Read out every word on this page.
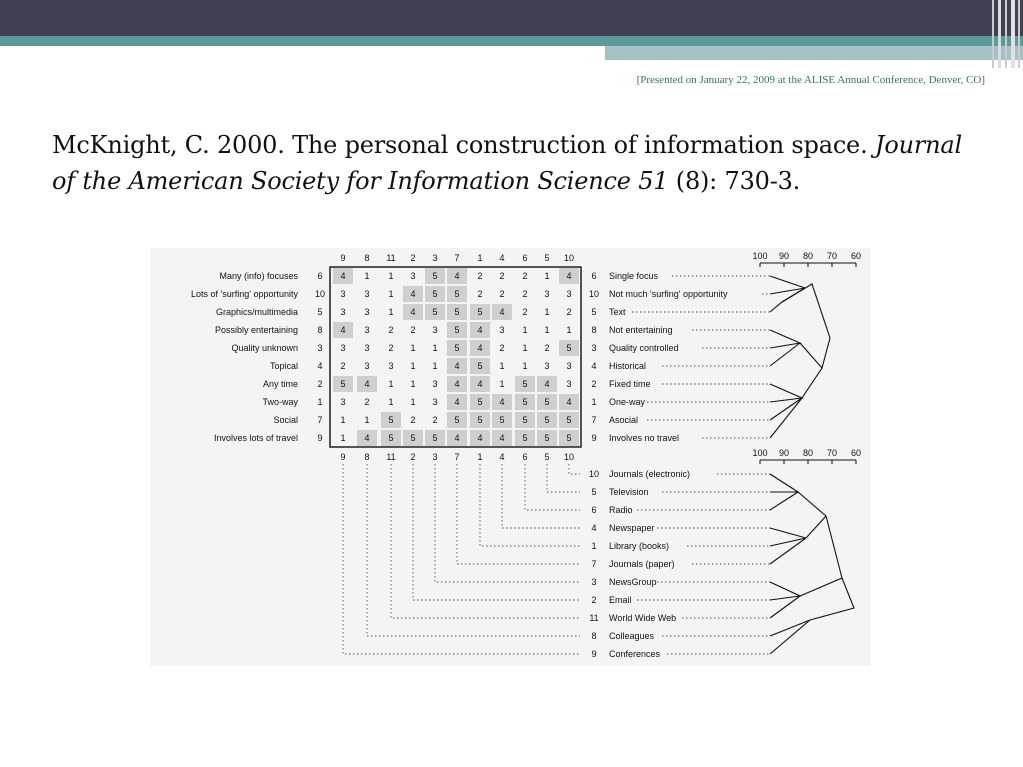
[Presented on January 22, 2009 at the ALISE Annual Conference, Denver, CO]
McKnight, C. 2000. The personal construction of information space. Journal of the American Society for Information Science 51 (8): 730-3.
9 8 11 2 3 7 1 4 6 5 10
9 8 11 2 3 7 1 4 6 5 10
Many (info) focuses 6 4 1 1 3 5 4 2 2 2 1 4 6 Single focus
Lots of 'surfing' opportunity 10 3 3 1 4 5 5 2 2 2 3 3 10 Not much 'surfing' opportunity
Graphics/multimedia 5 3 3 1 4 5 5 5 4 2 1 2 5 Text
Possibly entertaining 8 4 3 2 2 3 5 4 3 1 1 1 8 Not entertaining
Quality unknown 3 3 3 2 1 1 5 4 2 1 2 5 3 Quality controlled
Topical 4 2 3 3 1 1 4 5 1 1 3 3 4 Historical
Any time 2 5 4 1 1 3 4 4 1 5 4 3 2 Fixed time
Two-way 1 3 2 1 1 3 4 5 4 5 5 4 1 One-way
Social 7 1 1 5 2 2 5 5 5 5 5 5 7 Asocial
Involves lots of travel 9 1 4 5 5 5 4 4 4 5 5 5 9 Involves no travel
100 90 80 70 60
100 90 80 70 60
10 Journals (electronic)
5 Television
6 Radio
4 Newspaper
1 Library (books)
7 Journals (paper)
3 NewsGroup
2 Email
11 World Wide Web
8 Colleagues
9 Conferences
